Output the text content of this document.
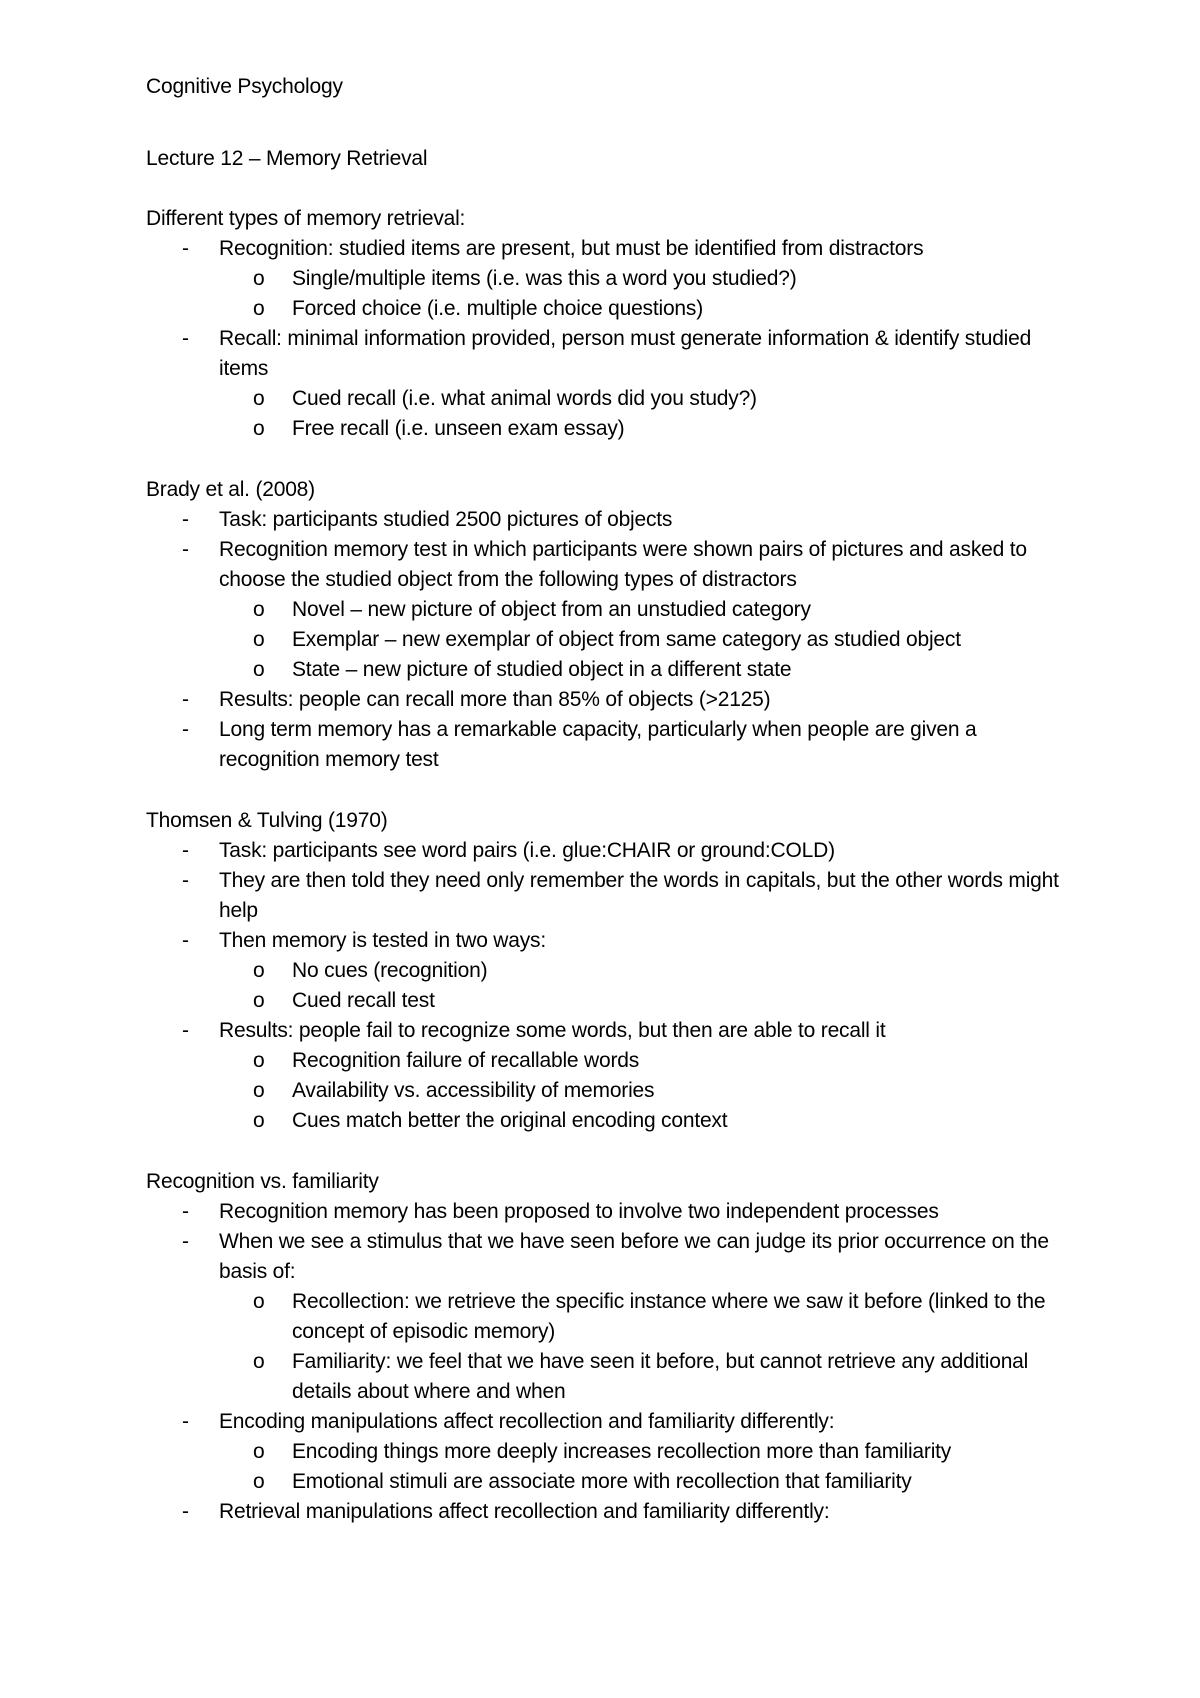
Cognitive Psychology

Lecture 12 – Memory Retrieval

Different types of memory retrieval:

-	Recognition: studied items are present, but must be identified from distractors
o	Single/multiple items (i.e. was this a word you studied?)
o	Forced choice (i.e. multiple choice questions)
-	Recall: minimal information provided, person must generate information & identify studied items
o	Cued recall (i.e. what animal words did you study?)
o	Free recall (i.e. unseen exam essay)

Brady et al. (2008)

-	Task: participants studied 2500 pictures of objects
-	Recognition memory test in which participants were shown pairs of pictures and asked to choose the studied object from the following types of distractors
o	Novel – new picture of object from an unstudied category
o	Exemplar – new exemplar of object from same category as studied object
o	State – new picture of studied object in a different state
-	Results: people can recall more than 85% of objects (>2125)
-	Long term memory has a remarkable capacity, particularly when people are given a recognition memory test

Thomsen & Tulving (1970)

-	Task: participants see word pairs (i.e. glue:CHAIR or ground:COLD)
-	They are then told they need only remember the words in capitals, but the other words might help
-	Then memory is tested in two ways:
o	No cues (recognition)
o	Cued recall test
-	Results: people fail to recognize some words, but then are able to recall it
o	Recognition failure of recallable words
o	Availability vs. accessibility of memories
o	Cues match better the original encoding context

Recognition vs. familiarity

-	Recognition memory has been proposed to involve two independent processes
-	When we see a stimulus that we have seen before we can judge its prior occurrence on the basis of:
o	Recollection: we retrieve the specific instance where we saw it before (linked to the concept of episodic memory)
o	Familiarity: we feel that we have seen it before, but cannot retrieve any additional details about where and when
-	Encoding manipulations affect recollection and familiarity differently:
o	Encoding things more deeply increases recollection more than familiarity
o	Emotional stimuli are associate more with recollection that familiarity
-	Retrieval manipulations affect recollection and familiarity differently:
